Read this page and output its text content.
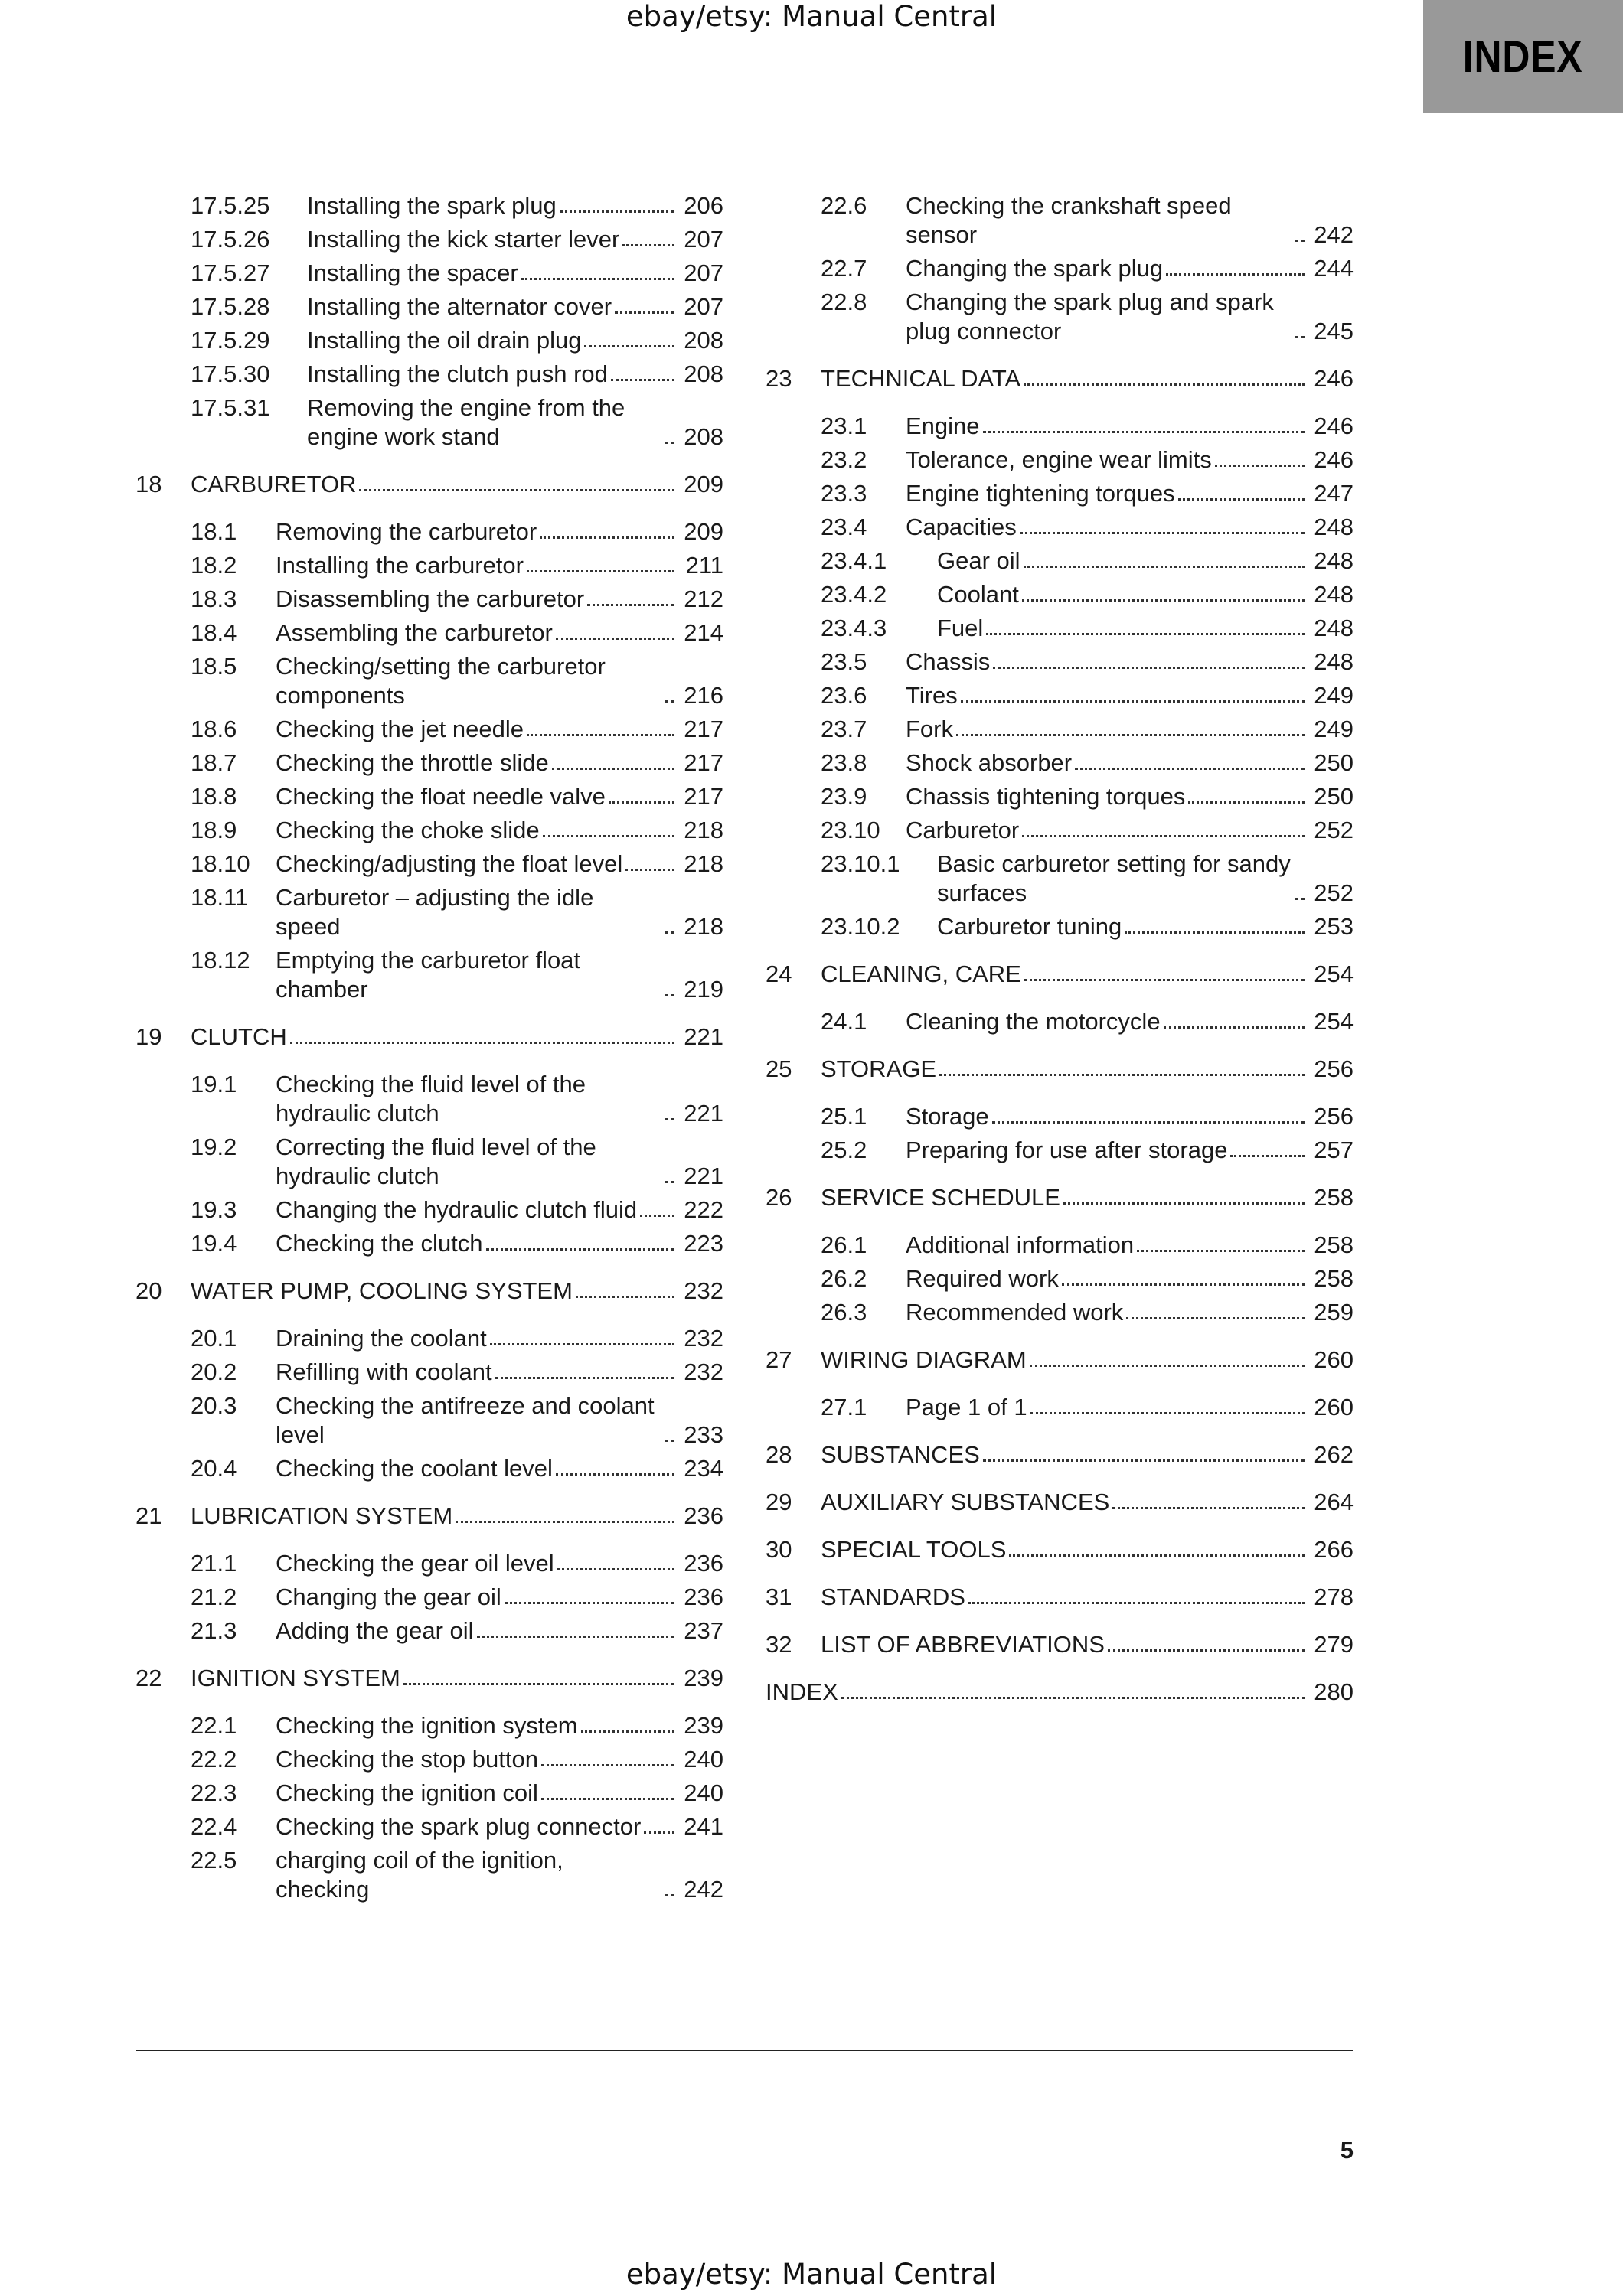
ebay/etsy: Manual Central
INDEX
17.5.25 Installing the spark plug	206
17.5.26 Installing the kick starter lever	207
17.5.27 Installing the spacer	207
17.5.28 Installing the alternator cover	207
17.5.29 Installing the oil drain plug	208
17.5.30 Installing the clutch push rod	208
17.5.31 Removing the engine from the engine work stand	208
18 CARBURETOR	209
18.1 Removing the carburetor	209
18.2 Installing the carburetor	211
18.3 Disassembling the carburetor	212
18.4 Assembling the carburetor	214
18.5 Checking/setting the carburetor components	216
18.6 Checking the jet needle	217
18.7 Checking the throttle slide	217
18.8 Checking the float needle valve	217
18.9 Checking the choke slide	218
18.10 Checking/adjusting the float level	218
18.11 Carburetor – adjusting the idle speed	218
18.12 Emptying the carburetor float chamber	219
19 CLUTCH	221
19.1 Checking the fluid level of the hydraulic clutch	221
19.2 Correcting the fluid level of the hydraulic clutch	221
19.3 Changing the hydraulic clutch fluid 222
19.4 Checking the clutch	223
20 WATER PUMP, COOLING SYSTEM	232
20.1 Draining the coolant	232
20.2 Refilling with coolant	232
20.3 Checking the antifreeze and coolant level	233
20.4 Checking the coolant level	234
21 LUBRICATION SYSTEM	236
21.1 Checking the gear oil level	236
21.2 Changing the gear oil	236
21.3 Adding the gear oil	237
22 IGNITION SYSTEM	239
22.1 Checking the ignition system	239
22.2 Checking the stop button	240
22.3 Checking the ignition coil	240
22.4 Checking the spark plug connector 241
22.5 charging coil of the ignition, checking	242
22.6 Checking the crankshaft speed sensor	242
22.7 Changing the spark plug	244
22.8 Changing the spark plug and spark plug connector	245
23 TECHNICAL DATA	246
23.1 Engine	246
23.2 Tolerance, engine wear limits	246
23.3 Engine tightening torques	247
23.4 Capacities	248
23.4.1 Gear oil	248
23.4.2 Coolant	248
23.4.3 Fuel	248
23.5 Chassis	248
23.6 Tires	249
23.7 Fork	249
23.8 Shock absorber	250
23.9 Chassis tightening torques	250
23.10 Carburetor	252
23.10.1 Basic carburetor setting for sandy surfaces	252
23.10.2 Carburetor tuning	253
24 CLEANING, CARE	254
24.1 Cleaning the motorcycle	254
25 STORAGE	256
25.1 Storage	256
25.2 Preparing for use after storage	257
26 SERVICE SCHEDULE	258
26.1 Additional information	258
26.2 Required work	258
26.3 Recommended work	259
27 WIRING DIAGRAM	260
27.1 Page 1 of 1	260
28 SUBSTANCES	262
29 AUXILIARY SUBSTANCES	264
30 SPECIAL TOOLS	266
31 STANDARDS	278
32 LIST OF ABBREVIATIONS	279
INDEX	280
5
ebay/etsy: Manual Central
